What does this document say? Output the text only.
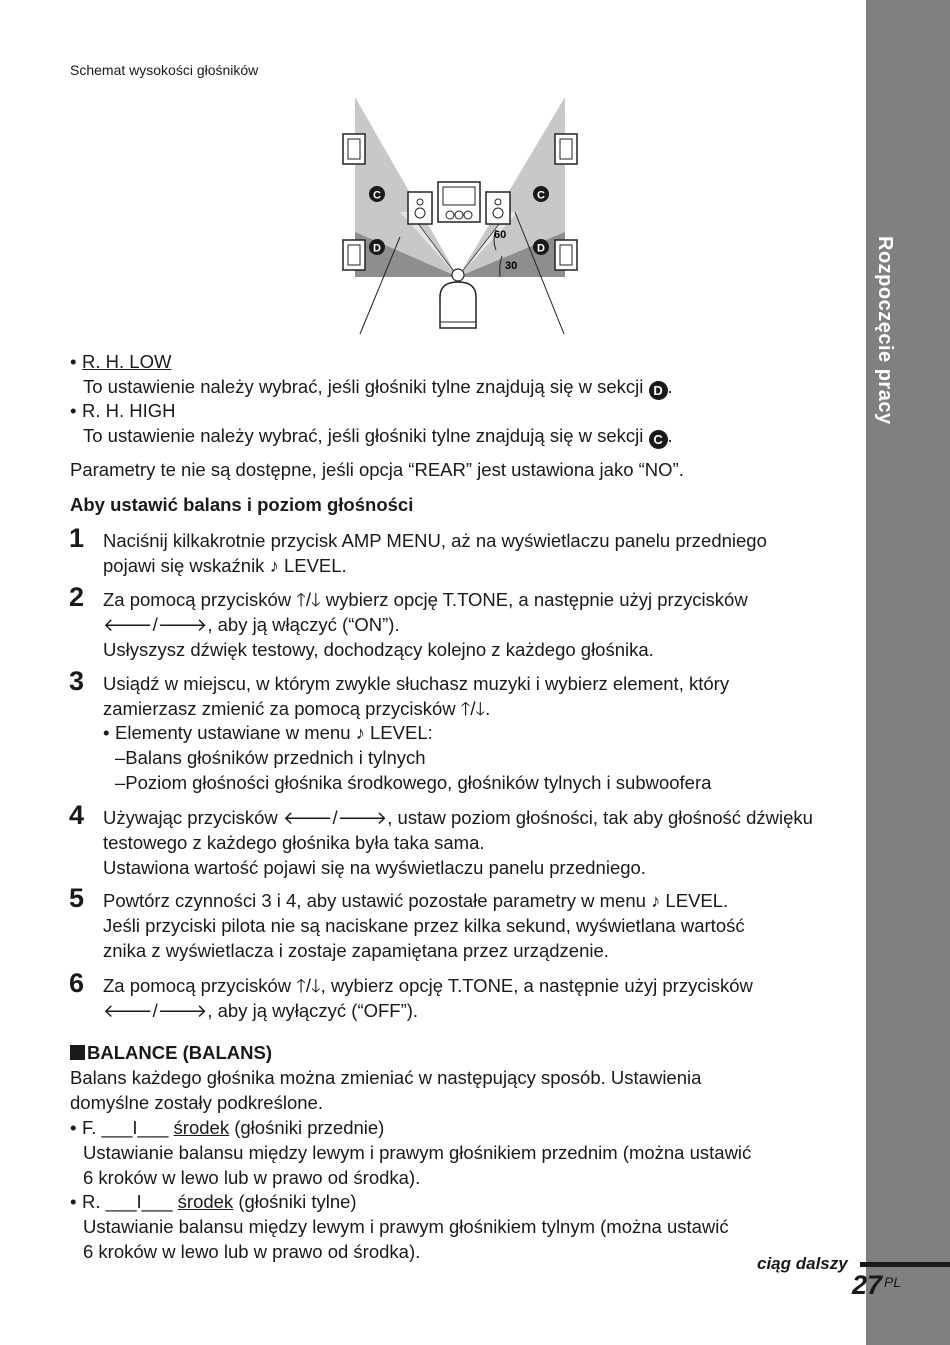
Rozpoczęcie pracy
Schemat wysokości głośników
C	C
D	D
60
30
• R. H. LOW
To ustawienie należy wybrać, jeśli głośniki tylne znajdują się w sekcji D .
• R. H. HIGH
To ustawienie należy wybrać, jeśli głośniki tylne znajdują się w sekcji C .
Parametry te nie są dostępne, jeśli opcja “REAR” jest ustawiona jako “NO”.
Aby ustawić balans i poziom głośności
1 Naciśnij kilkakrotnie przycisk AMP MENU, aż na wyświetlaczu panelu przedniego
pojawi się wskaźnik ♪ LEVEL.
2 Za pomocą przycisków 🡑/🡓 wybierz opcję T.TONE, a następnie użyj przycisków
🡐/🡒, aby ją włączyć (“ON”).
Usłyszysz dźwięk testowy, dochodzący kolejno z każdego głośnika.
3 Usiądź w miejscu, w którym zwykle słuchasz muzyki i wybierz element, który
zamierzasz zmienić za pomocą przycisków 🡑/🡓.
• Elementy ustawiane w menu ♪ LEVEL:
–Balans głośników przednich i tylnych
–Poziom głośności głośnika środkowego, głośników tylnych i subwoofera
4 Używając przycisków 🡐/🡒, ustaw poziom głośności, tak aby głośność dźwięku
testowego z każdego głośnika była taka sama.
Ustawiona wartość pojawi się na wyświetlaczu panelu przedniego.
5 Powtórz czynności 3 i 4, aby ustawić pozostałe parametry w menu ♪ LEVEL.
Jeśli przyciski pilota nie są naciskane przez kilka sekund, wyświetlana wartość
znika z wyświetlacza i zostaje zapamiętana przez urządzenie.
6 Za pomocą przycisków 🡑/🡓, wybierz opcję T.TONE, a następnie użyj przycisków
🡐/🡒, aby ją wyłączyć (“OFF”).
BALANCE (BALANS)
Balans każdego głośnika można zmieniać w następujący sposób. Ustawienia
domyślne zostały podkreślone.
• F. ___I___ środek (głośniki przednie)
Ustawianie balansu między lewym i prawym głośnikiem przednim (można ustawić
6 kroków w lewo lub w prawo od środka).
• R. ___I___ środek (głośniki tylne)
Ustawianie balansu między lewym i prawym głośnikiem tylnym (można ustawić
6 kroków w lewo lub w prawo od środka).
ciąg dalszy
27 PL
